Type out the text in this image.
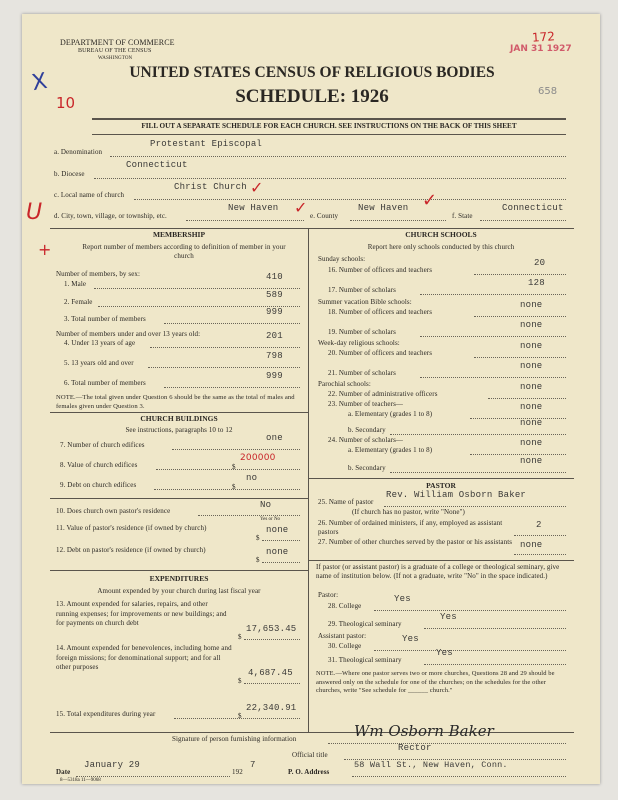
DEPARTMENT OF COMMERCE
BUREAU OF THE CENSUS
WASHINGTON
JAN 31 1927
172
658
X
10
UNITED STATES CENSUS OF RELIGIOUS BODIES
SCHEDULE: 1926
FILL OUT A SEPARATE SCHEDULE FOR EACH CHURCH. SEE INSTRUCTIONS ON THE BACK OF THIS SHEET
a. Denomination
Protestant Episcopal
b. Diocese
Connecticut
c. Local name of church
Christ Church ✓
d. City, town, village, or township, etc.
New Haven
e. County
New Haven
f. State
Connecticut
U	✓	✓
MEMBERSHIP
+	Report number of members according to definition of member in your church
Number of members, by sex:
1. Male
410
2. Female
589
3. Total number of members
999
Number of members under and over 13 years old:
4. Under 13 years of age
201
5. 13 years old and over
798
6. Total number of members
999
NOTE.—The total given under Question 6 should be the same as the total of males and females given under Question 3.
CHURCH BUILDINGS
See instructions, paragraphs 10 to 12
7. Number of church edifices
one
8. Value of church edifices	$
200000
9. Debt on church edifices	$
no
10. Does church own pastor's residence
No
Yes or No
11. Value of pastor's residence (if owned by church)
$
none
12. Debt on pastor's residence (if owned by church)
$
none
EXPENDITURES
Amount expended by your church during last fiscal year
13. Amount expended for salaries, repairs, and other running expenses; for improvements or new buildings; and for payments on church debt
$
17,653.45
14. Amount expended for benevolences, including home and foreign missions; for denominational support; and for all other purposes
$
4,687.45
15. Total expenditures during year	$
22,340.91
CHURCH SCHOOLS
Report here only schools conducted by this church
Sunday schools:
16. Number of officers and teachers
20
17. Number of scholars
128
Summer vacation Bible schools:
18. Number of officers and teachers
none
19. Number of scholars
none
Week-day religious schools:
20. Number of officers and teachers
none
21. Number of scholars
none
Parochial schools:
22. Number of administrative officers
none
23. Number of teachers—
a. Elementary (grades 1 to 8)
none
b. Secondary
none
24. Number of scholars—
a. Elementary (grades 1 to 8)
none
b. Secondary
none
PASTOR
25. Name of pastor
Rev. William Osborn Baker
(If church has no pastor, write "None")
26. Number of ordained ministers, if any, employed as assistant pastors
2
27. Number of other churches served by the pastor or his assistants none
If pastor (or assistant pastor) is a graduate of a college or theological seminary, give name of institution below. (If not a graduate, write "No" in the space indicated.)
Pastor:
28. College
Yes
29. Theological seminary
Yes
Assistant pastor:
30. College
Yes
31. Theological seminary
Yes
NOTE.—Where one pastor serves two or more churches, Questions 28 and 29 should be answered only on the schedule for one of the churches; on the schedules for the other churches, write "See schedule for ______ church."
Signature of person furnishing information	Wm Osborn Baker
Official title
Rector
Date
January 29
192
7
P. O. Address
58 Wall St., New Haven, Conn.
8—5318a 11—9068
